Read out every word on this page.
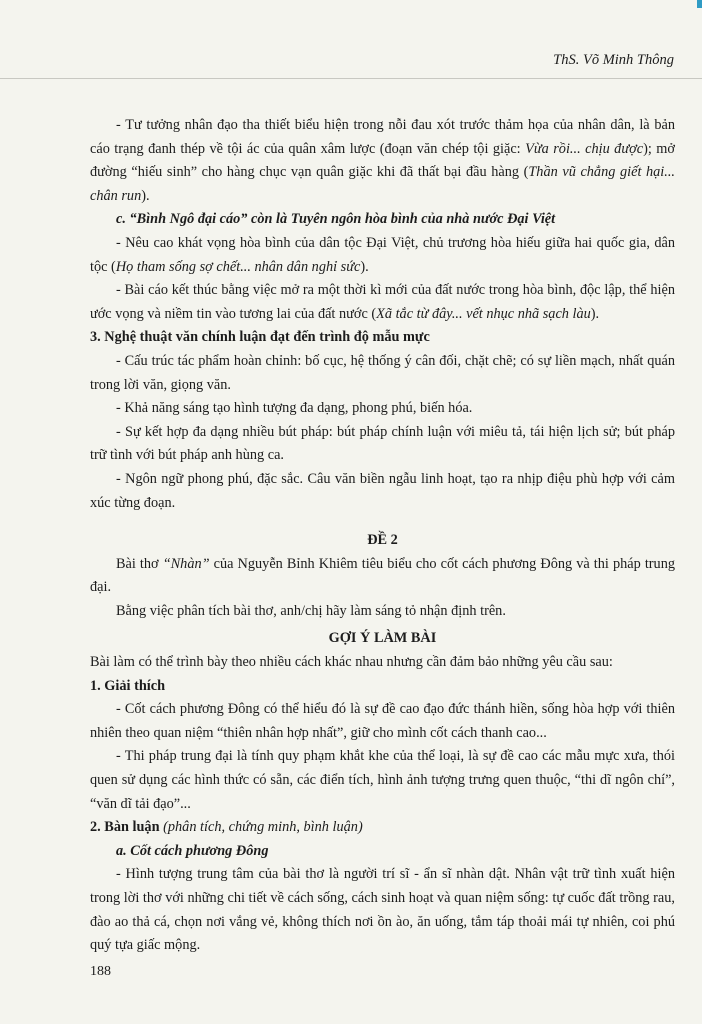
ThS. Võ Minh Thông

- Tư tưởng nhân đạo tha thiết biểu hiện trong nỗi đau xót trước thảm họa của nhân dân, là bản cáo trạng đanh thép về tội ác của quân xâm lược (đoạn văn chép tội giặc: Vừa rồi... chịu được); mở đường “hiếu sinh” cho hàng chục vạn quân giặc khi đã thất bại đầu hàng (Thần vũ chẳng giết hại... chân run).

c. “Bình Ngô đại cáo” còn là Tuyên ngôn hòa bình của nhà nước Đại Việt

- Nêu cao khát vọng hòa bình của dân tộc Đại Việt, chủ trương hòa hiếu giữa hai quốc gia, dân tộc (Họ tham sống sợ chết... nhân dân nghỉ sức).

- Bài cáo kết thúc bằng việc mở ra một thời kì mới của đất nước trong hòa bình, độc lập, thể hiện ước vọng và niềm tin vào tương lai của đất nước (Xã tắc từ đây... vết nhục nhã sạch làu).

3. Nghệ thuật văn chính luận đạt đến trình độ mẫu mực

- Cấu trúc tác phẩm hoàn chỉnh: bố cục, hệ thống ý cân đối, chặt chẽ; có sự liền mạch, nhất quán trong lời văn, giọng văn.

- Khả năng sáng tạo hình tượng đa dạng, phong phú, biến hóa.

- Sự kết hợp đa dạng nhiều bút pháp: bút pháp chính luận với miêu tả, tái hiện lịch sử; bút pháp trữ tình với bút pháp anh hùng ca.

- Ngôn ngữ phong phú, đặc sắc. Câu văn biền ngẫu linh hoạt, tạo ra nhịp điệu phù hợp với cảm xúc từng đoạn.

ĐỀ 2

Bài thơ “Nhàn” của Nguyễn Bỉnh Khiêm tiêu biểu cho cốt cách phương Đông và thi pháp trung đại.

Bằng việc phân tích bài thơ, anh/chị hãy làm sáng tỏ nhận định trên.

GỢI Ý LÀM BÀI

Bài làm có thể trình bày theo nhiều cách khác nhau nhưng cần đảm bảo những yêu cầu sau:

1. Giải thích

- Cốt cách phương Đông có thể hiểu đó là sự đề cao đạo đức thánh hiền, sống hòa hợp với thiên nhiên theo quan niệm “thiên nhân hợp nhất”, giữ cho mình cốt cách thanh cao...

- Thi pháp trung đại là tính quy phạm khắt khe của thể loại, là sự đề cao các mẫu mực xưa, thói quen sử dụng các hình thức có sẵn, các điển tích, hình ảnh tượng trưng quen thuộc, “thi dĩ ngôn chí”, “văn dĩ tải đạo”...

2. Bàn luận (phân tích, chứng minh, bình luận)

a. Cốt cách phương Đông

- Hình tượng trung tâm của bài thơ là người trí sĩ - ẩn sĩ nhàn dật. Nhân vật trữ tình xuất hiện trong lời thơ với những chi tiết về cách sống, cách sinh hoạt và quan niệm sống: tự cuốc đất trồng rau, đào ao thả cá, chọn nơi vắng vẻ, không thích nơi ồn ào, ăn uống, tắm táp thoải mái tự nhiên, coi phú quý tựa giấc mộng.

188
